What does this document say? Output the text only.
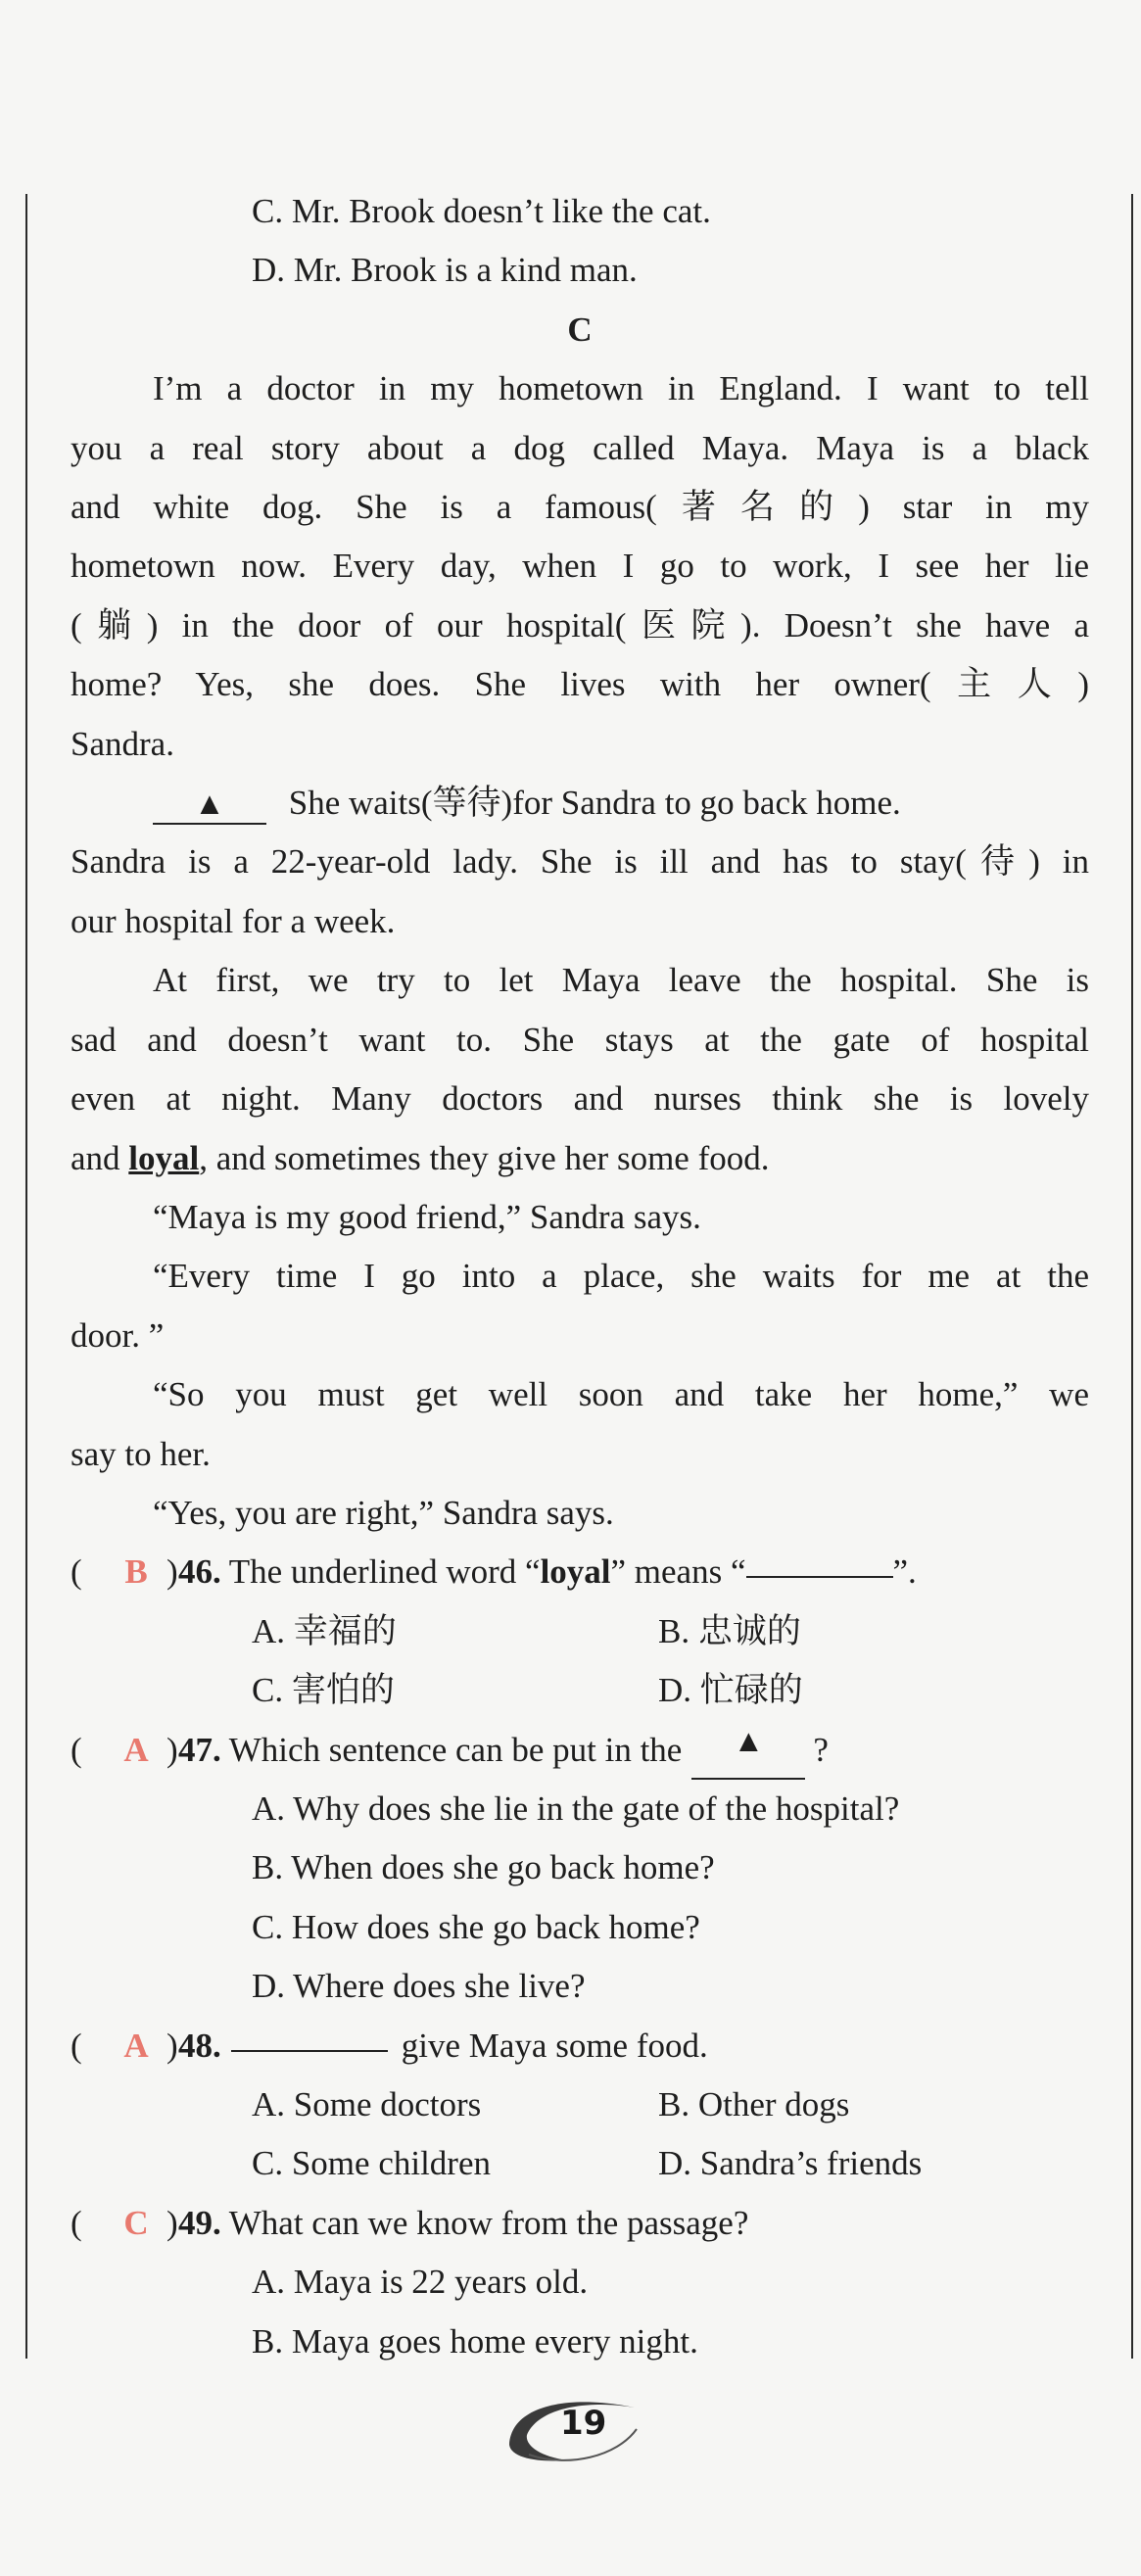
C. Mr. Brook doesn’t like the cat.
D. Mr. Brook is a kind man.
C
I’m a doctor in my hometown in England. I want to tell
you a real story about a dog called Maya. Maya is a black
and white dog. She is a famous(著名的) star in my
hometown now. Every day, when I go to work, I see her lie
(躺) in the door of our hospital(医院). Doesn’t she have a
home? Yes, she does. She lives with her owner(主人)
Sandra.
▲ She waits(等待)for Sandra to go back home.
Sandra is a 22-year-old lady. She is ill and has to stay(待) in
our hospital for a week.
At first, we try to let Maya leave the hospital. She is
sad and doesn’t want to. She stays at the gate of hospital
even at night. Many doctors and nurses think she is lovely
and loyal, and sometimes they give her some food.
“Maya is my good friend,” Sandra says.
“Every time I go into a place, she waits for me at the
door. ”
“So you must get well soon and take her home,” we
say to her.
“Yes, you are right,” Sandra says.
(	B ) 46. The underlined word “ loyal ” means “	”.
A. 幸福的	B. 忠诚的
C. 害怕的	D. 忙碌的
(	A ) 47. Which sentence can be put in the	▲	?
A. Why does she lie in the gate of the hospital?
B. When does she go back home?
C. How does she go back home?
D. Where does she live?
(	A ) 48.	give Maya some food.
A. Some doctors	B. Other dogs
C. Some children	D. Sandra’s friends
(	C ) 49. What can we know from the passage?
A. Maya is 22 years old.
B. Maya goes home every night.
19
